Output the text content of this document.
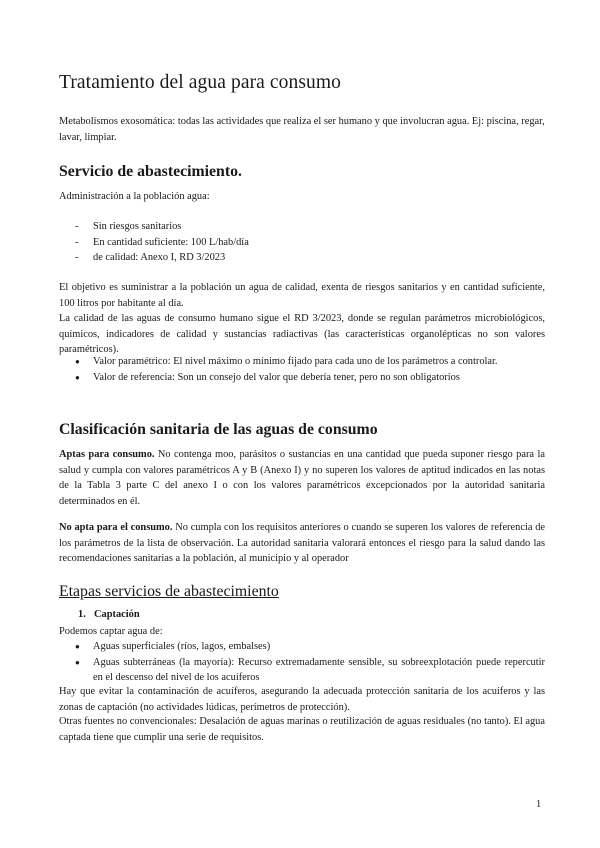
Tratamiento del agua para consumo

Metabolismos exosomática: todas las actividades que realiza el ser humano y que involucran agua. Ej: piscina, regar, lavar, limpiar.

Servicio de abastecimiento.

Administración a la población agua:

- Sin riesgos sanitarios
- En cantidad suficiente: 100 L/hab/día
- de calidad: Anexo I, RD 3/2023

El objetivo es suministrar a la población un agua de calidad, exenta de riesgos sanitarios y en cantidad suficiente, 100 litros por habitante al día.

La calidad de las aguas de consumo humano sigue el RD 3/2023, donde se regulan parámetros microbiológicos, químicos, indicadores de calidad y sustancias radiactivas (las características organolépticas no son valores paramétricos).

● Valor paramétrico: El nivel máximo o mínimo fijado para cada uno de los parámetros a controlar.
● Valor de referencia: Son un consejo del valor que debería tener, pero no son obligatorios
Clasificación sanitaria de las aguas de consumo

Aptas para consumo. No contenga moo, parásitos o sustancias en una cantidad que pueda suponer riesgo para la salud y cumpla con valores paramétricos A y B (Anexo I) y no superen los valores de aptitud indicados en las notas de la Tabla 3 parte C del anexo I o con los valores paramétricos excepcionados por la autoridad sanitaria determinados en él.

No apta para el consumo. No cumpla con los requisitos anteriores o cuando se superen los valores de referencia de los parámetros de la lista de observación. La autoridad sanitaria valorará entonces el riesgo para la salud dando las recomendaciones sanitarias a la población, al municipio y al operador

Etapas servicios de abastecimiento
1. Captación

Podemos captar agua de:

● Aguas superficiales (ríos, lagos, embalses)
● Aguas subterráneas (la mayoría): Recurso extremadamente sensible, su sobreexplotación puede repercutir en el descenso del nivel de los acuíferos

Hay que evitar la contaminación de acuíferos, asegurando la adecuada protección sanitaria de los acuíferos y las zonas de captación (no actividades lúdicas, perímetros de protección).

Otras fuentes no convencionales: Desalación de aguas marinas o reutilización de aguas residuales (no tanto). El agua captada tiene que cumplir una serie de requisitos.

1
